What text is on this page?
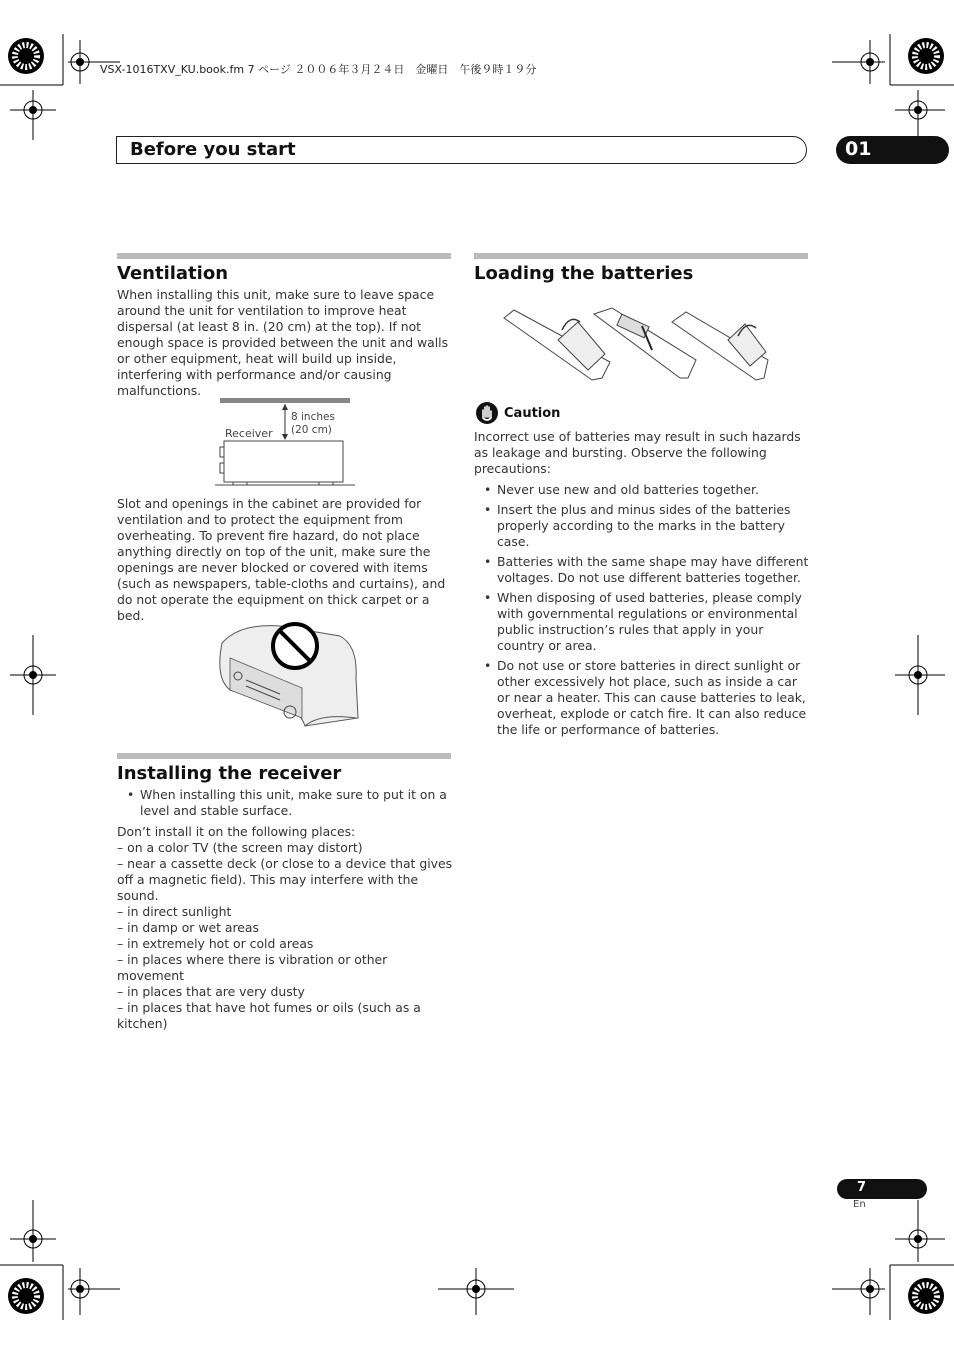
VSX-1016TXV_KU.book.fm 7 ページ ２００６年３月２４日　金曜日　午後９時１９分
Before you start	01
Ventilation

When installing this unit, make sure to leave space around the unit for ventilation to improve heat dispersal (at least 8 in. (20 cm) at the top). If not enough space is provided between the unit and walls or other equipment, heat will build up inside, interfering with performance and/or causing malfunctions.

Receiver
8 inches
(20 cm)

Slot and openings in the cabinet are provided for ventilation and to protect the equipment from overheating. To prevent fire hazard, do not place anything directly on top of the unit, make sure the openings are never blocked or covered with items (such as newspapers, table-cloths and curtains), and do not operate the equipment on thick carpet or a bed.

Installing the receiver
• When installing this unit, make sure to put it on a level and stable surface.

Don’t install it on the following places:

– on a color TV (the screen may distort)

– near a cassette deck (or close to a device that gives off a magnetic field). This may interfere with the sound.

– in direct sunlight

– in damp or wet areas

– in extremely hot or cold areas

– in places where there is vibration or other movement

– in places that are very dusty

– in places that have hot fumes or oils (such as a kitchen)

Loading the batteries
Caution

Incorrect use of batteries may result in such hazards as leakage and bursting. Observe the following precautions:

• Never use new and old batteries together.
• Insert the plus and minus sides of the batteries properly according to the marks in the battery case.
• Batteries with the same shape may have different voltages. Do not use different batteries together.
• When disposing of used batteries, please comply with governmental regulations or environmental public instruction’s rules that apply in your country or area.
• Do not use or store batteries in direct sunlight or other excessively hot place, such as inside a car or near a heater. This can cause batteries to leak, overheat, explode or catch fire. It can also reduce the life or performance of batteries.
7
En
